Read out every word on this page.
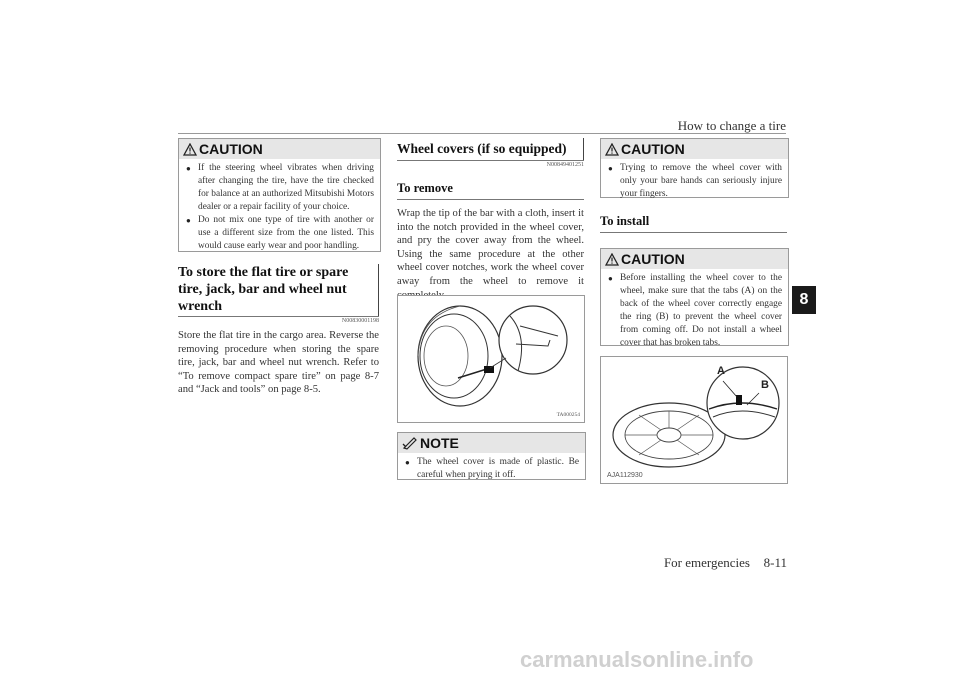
How to change a tire
8
CAUTION
● If the steering wheel vibrates when driving after changing the tire, have the tire checked for balance at an authorized Mitsubishi Motors dealer or a repair facility of your choice.
● Do not mix one type of tire with another or use a different size from the one listed. This would cause early wear and poor handling.
To store the flat tire or spare tire, jack, bar and wheel nut wrench
N00830001198
Store the flat tire in the cargo area. Reverse the removing procedure when storing the spare tire, jack, bar and wheel nut wrench. Refer to “To remove compact spare tire” on page 8-7 and “Jack and tools” on page 8-5.
Wheel covers (if so equipped)
N00849401251
To remove
Wrap the tip of the bar with a cloth, insert it into the notch provided in the wheel cover, and pry the cover away from the wheel. Using the same procedure at the other wheel cover notches, work the wheel cover away from the wheel to remove it
TA000254
NOTE
● The wheel cover is made of plastic. Be careful when prying it off.
CAUTION
● Trying to remove the wheel cover with only your bare hands can seriously injure your fingers.
To install
CAUTION
● Before installing the wheel cover to the wheel, make sure that the tabs (A) on the back of the wheel cover correctly engage the ring (B) to prevent the wheel cover from coming off. Do not install a wheel cover that has broken tabs.
A
B
AJA112930
For emergencies	8-11
carmanualsonline.info
